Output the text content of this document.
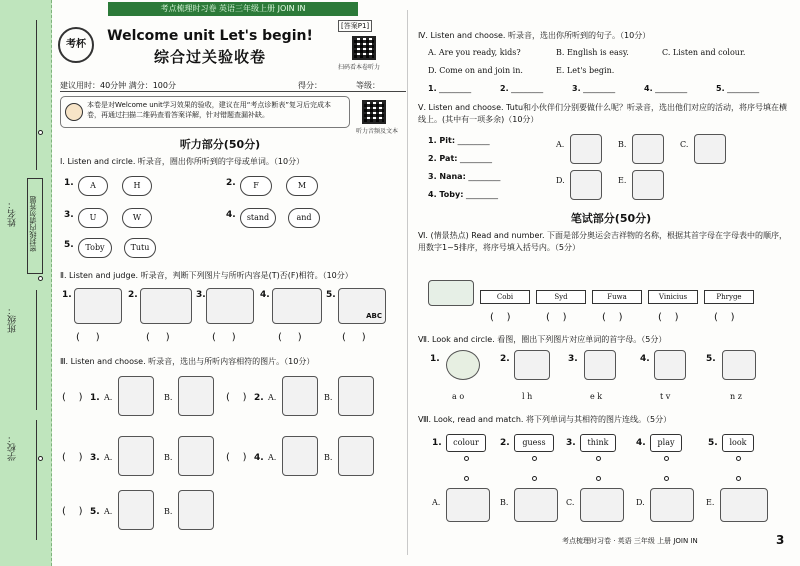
姓名：
班级：
学校：
密封线内请勿答题
考点梳理时习卷 英语三年级上册 JOIN IN
考杯
Welcome unit Let's begin!
综合过关验收卷
[答案P1]
扫码看本卷听力
建议用时：40分钟 满分：100分	得分：	等级：
本卷是对Welcome unit学习效果的验收，建议在用“考点诊断表”复习后完成本卷，再通过扫描二维码查看答案详解，针对错题查漏补缺。
听力音频及文本
听力部分(50分)
Ⅰ. Listen and circle. 听录音，圈出你所听到的字母或单词。（10分）
1.	A	H	2.	F	M
3.	U	W	4.	stand	and
5.	Toby	Tutu
Ⅱ. Listen and judge. 听录音，判断下列图片与所听内容是(T)否(F)相符。（10分）
1.	2.	3.	4.	5.
ABC
(     )	(     )	(     )	(     )	(     )
Ⅲ. Listen and choose. 听录音，选出与所听内容相符的图片。（10分）
(    ) 1. A.	B.	(    ) 2. A.	B.
(    ) 3. A.	B.	(    ) 4. A.	B.
(    ) 5. A.	B.
Ⅳ. Listen and choose. 听录音，选出你所听到的句子。（10分）
A. Are you ready, kids?	B. English is easy.	C. Listen and colour.
D. Come on and join in.	E. Let's begin.
1. ________	2. ________	3. ________	4. ________	5. ________
Ⅴ. Listen and choose. Tutu和小伙伴们分别要做什么呢？听录音，选出他们对应的活动，将序号填在横线上。(其中有一项多余)（10分）
1. Pit: ________
2. Pat: ________
3. Nana: ________
4. Toby: ________
A.	B.	C.
D.	E.
笔试部分(50分)
Ⅵ. (情景热点) Read and number. 下面是部分奥运会吉祥物的名称，根据其首字母在字母表中的顺序，用数字1~5排序，将序号填入括号内。（5分）
Cobi	Syd	Fuwa	Vinicius	Phryge
(    )	(    )	(    )	(    )	(    )
Ⅶ. Look and circle. 看图，圈出下列图片对应单词的首字母。（5分）
1.	2.	3.	4.	5.
a o	l h	e k	t v	n z
Ⅷ. Look, read and match. 将下列单词与其相符的图片连线。（5分）
1.	colour	2.	guess	3.	think	4.	play	5.	look
A.	B.	C.	D.	E.
考点梳理时习卷 · 英语 三年级 上册 JOIN IN	3
